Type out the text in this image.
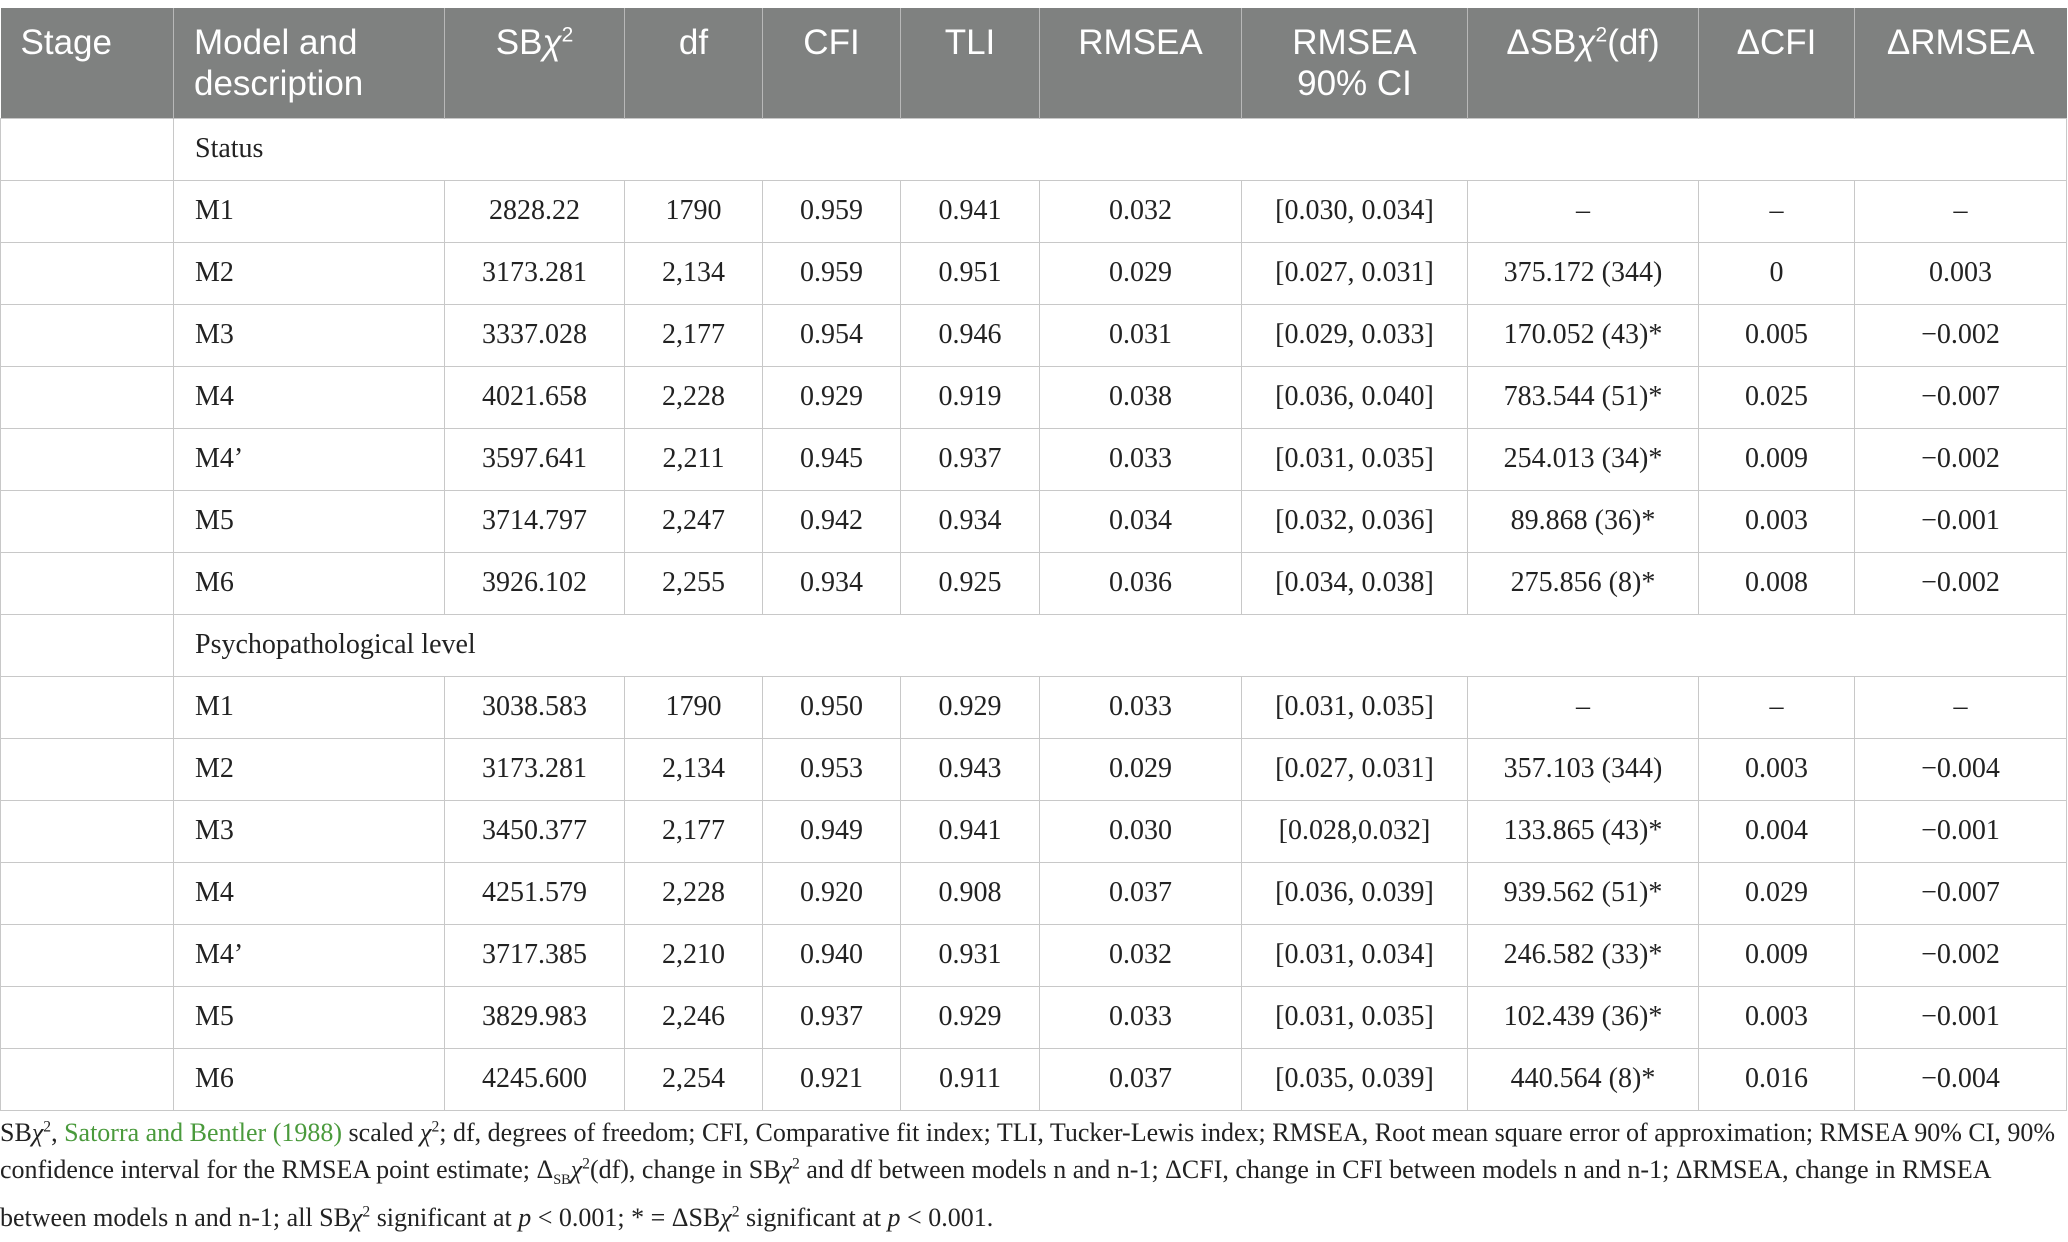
Stage	Model and description	SBχ$^2$	df	CFI	TLI	RMSEA	RMSEA 90% CI	ΔSBχ$^2$(df)	ΔCFI	ΔRMSEA
	Status									
	M1	2828.22	1790	0.959	0.941	0.032	[0.030, 0.034]	–	–	–
	M2	3173.281	2,134	0.959	0.951	0.029	[0.027, 0.031]	375.172 (344)	0	0.003
	M3	3337.028	2,177	0.954	0.946	0.031	[0.029, 0.033]	170.052 (43)*	0.005	−0.002
	M4	4021.658	2,228	0.929	0.919	0.038	[0.036, 0.040]	783.544 (51)*	0.025	−0.007
	M4’	3597.641	2,211	0.945	0.937	0.033	[0.031, 0.035]	254.013 (34)*	0.009	−0.002
	M5	3714.797	2,247	0.942	0.934	0.034	[0.032, 0.036]	89.868 (36)*	0.003	−0.001
	M6	3926.102	2,255	0.934	0.925	0.036	[0.034, 0.038]	275.856 (8)*	0.008	−0.002
	Psychopathological level									
	M1	3038.583	1790	0.950	0.929	0.033	[0.031, 0.035]	–	–	–
	M2	3173.281	2,134	0.953	0.943	0.029	[0.027, 0.031]	357.103 (344)	0.003	−0.004
	M3	3450.377	2,177	0.949	0.941	0.030	[0.028,0.032]	133.865 (43)*	0.004	−0.001
	M4	4251.579	2,228	0.920	0.908	0.037	[0.036, 0.039]	939.562 (51)*	0.029	−0.007
	M4’	3717.385	2,210	0.940	0.931	0.032	[0.031, 0.034]	246.582 (33)*	0.009	−0.002
	M5	3829.983	2,246	0.937	0.929	0.033	[0.031, 0.035]	102.439 (36)*	0.003	−0.001
	M6	4245.600	2,254	0.921	0.911	0.037	[0.035, 0.039]	440.564 (8)*	0.016	−0.004
SBχ$^2$, Satorra and Bentler (1988) scaled $\chi^2$; df, degrees of freedom; CFI, Comparative fit index; TLI, Tucker-Lewis index; RMSEA, Root mean square error of approximation; RMSEA 90% CI, 90% confidence interval for the RMSEA point estimate; $\Delta_{SB}\chi^2(df)$, change in SBχ$^2$ and df between models n and n-1; ΔCFI, change in CFI between models n and n-1; ΔRMSEA, change in RMSEA between models n and n-1; all SBχ$^2$ significant at p < 0.001; * = ΔSBχ$^2$ significant at p < 0.001.
